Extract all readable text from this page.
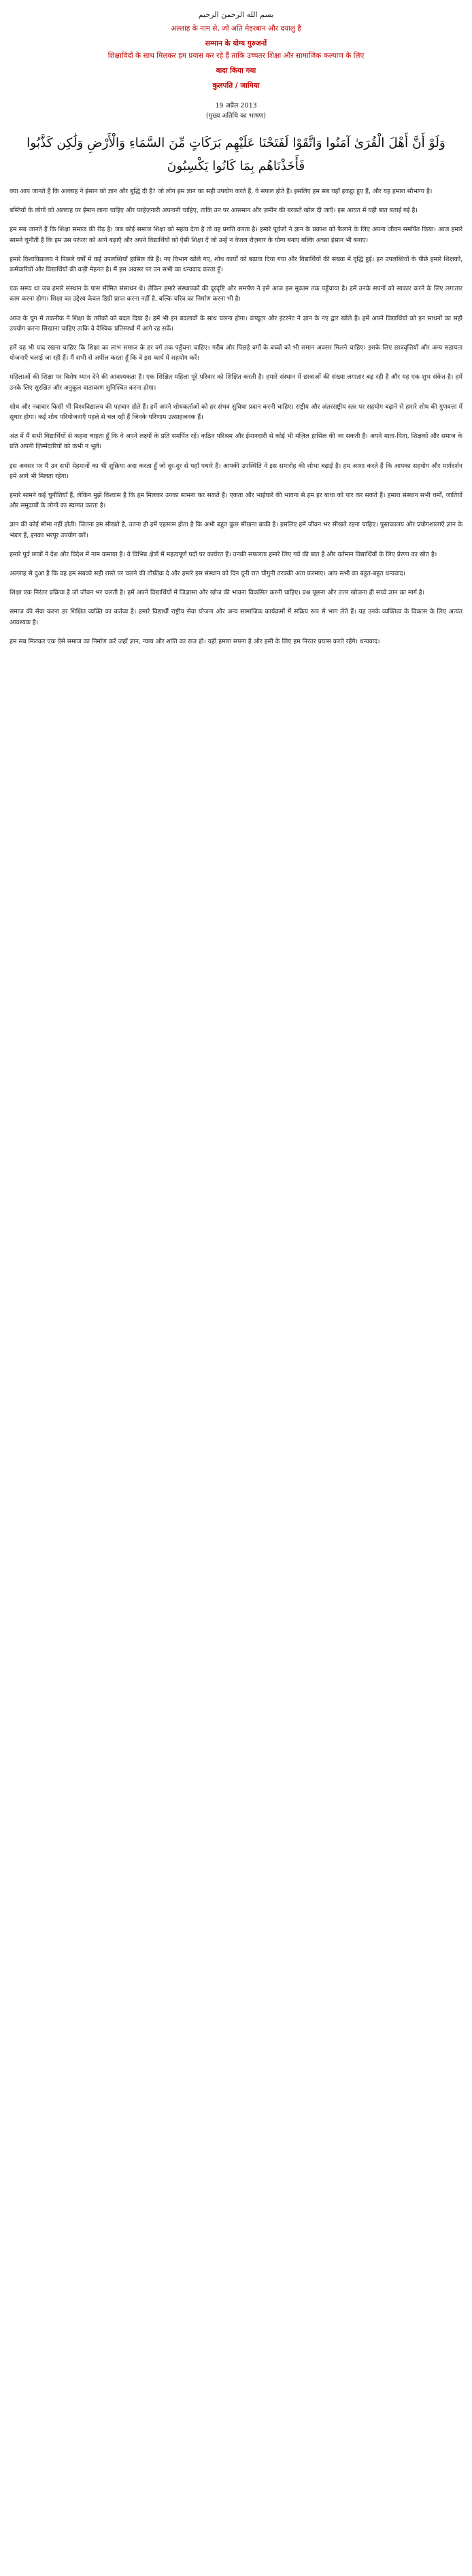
بسم الله الرحمن الرحيم
अल्लाह के नाम से, जो अति मेहरबान और दयालु है
सम्मान के योग्य गुरुजनों
शिक्षाविदों के साथ मिलकर हम प्रयास कर रहे हैं ताकि उच्चतर शिक्षा और सामाजिक कल्याण के लिए
वादा किया गया
कुलपति / जामिया
19 अप्रैल 2013
(मुख्य अतिथि का भाषण)
وَلَوْ أَنَّ أَهْلَ الْقُرَىٰ آمَنُوا وَاتَّقَوْا لَفَتَحْنَا عَلَيْهِم بَرَكَاتٍ مِّنَ السَّمَاءِ وَالْأَرْضِ وَلَٰكِن كَذَّبُوا فَأَخَذْنَاهُم بِمَا كَانُوا يَكْسِبُونَ
क्या आप जानते हैं कि अल्लाह ने इंसान को ज्ञान और बुद्धि दी है? जो लोग इस ज्ञान का सही उपयोग करते हैं, वे सफल होते हैं। इसलिए हम सब यहाँ इकट्ठा हुए हैं, और यह हमारा सौभाग्य है।
बस्तियों के लोगों को अल्लाह पर ईमान लाना चाहिए और परहेज़गारी अपनानी चाहिए, ताकि उन पर आसमान और ज़मीन की बरकतें खोल दी जाएँ। इस आयत में यही बात बताई गई है।
हम सब जानते हैं कि शिक्षा समाज की रीढ़ है। जब कोई समाज शिक्षा को महत्व देता है तो वह प्रगति करता है। हमारे पूर्वजों ने ज्ञान के प्रकाश को फैलाने के लिए अपना जीवन समर्पित किया। आज हमारे सामने चुनौती है कि हम उस परंपरा को आगे बढ़ाएँ और अपने विद्यार्थियों को ऐसी शिक्षा दें जो उन्हें न केवल रोज़गार के योग्य बनाए बल्कि अच्छा इंसान भी बनाए।
हमारे विश्वविद्यालय ने पिछले वर्षों में कई उपलब्धियाँ हासिल की हैं। नए विभाग खोले गए, शोध कार्यों को बढ़ावा दिया गया और विद्यार्थियों की संख्या में वृद्धि हुई। इन उपलब्धियों के पीछे हमारे शिक्षकों, कर्मचारियों और विद्यार्थियों की कड़ी मेहनत है। मैं इस अवसर पर उन सभी का धन्यवाद करता हूँ।
एक समय था जब हमारे संस्थान के पास सीमित संसाधन थे। लेकिन हमारे संस्थापकों की दूरदृष्टि और समर्पण ने इसे आज इस मुकाम तक पहुँचाया है। हमें उनके सपनों को साकार करने के लिए लगातार काम करना होगा। शिक्षा का उद्देश्य केवल डिग्री प्राप्त करना नहीं है, बल्कि चरित्र का निर्माण करना भी है।
आज के युग में तकनीक ने शिक्षा के तरीकों को बदल दिया है। हमें भी इन बदलावों के साथ चलना होगा। कंप्यूटर और इंटरनेट ने ज्ञान के नए द्वार खोले हैं। हमें अपने विद्यार्थियों को इन साधनों का सही उपयोग करना सिखाना चाहिए ताकि वे वैश्विक प्रतिस्पर्धा में आगे रह सकें।
हमें यह भी याद रखना चाहिए कि शिक्षा का लाभ समाज के हर वर्ग तक पहुँचना चाहिए। गरीब और पिछड़े वर्गों के बच्चों को भी समान अवसर मिलने चाहिए। इसके लिए छात्रवृत्तियाँ और अन्य सहायता योजनाएँ चलाई जा रही हैं। मैं सभी से अपील करता हूँ कि वे इस कार्य में सहयोग करें।
महिलाओं की शिक्षा पर विशेष ध्यान देने की आवश्यकता है। एक शिक्षित महिला पूरे परिवार को शिक्षित करती है। हमारे संस्थान में छात्राओं की संख्या लगातार बढ़ रही है और यह एक शुभ संकेत है। हमें उनके लिए सुरक्षित और अनुकूल वातावरण सुनिश्चित करना होगा।
शोध और नवाचार किसी भी विश्वविद्यालय की पहचान होते हैं। हमें अपने शोधकर्ताओं को हर संभव सुविधा प्रदान करनी चाहिए। राष्ट्रीय और अंतरराष्ट्रीय स्तर पर सहयोग बढ़ाने से हमारे शोध की गुणवत्ता में सुधार होगा। कई शोध परियोजनाएँ पहले से चल रही हैं जिनके परिणाम उत्साहजनक हैं।
अंत में मैं सभी विद्यार्थियों से कहना चाहता हूँ कि वे अपने लक्ष्यों के प्रति समर्पित रहें। कठिन परिश्रम और ईमानदारी से कोई भी मंज़िल हासिल की जा सकती है। अपने माता-पिता, शिक्षकों और समाज के प्रति अपनी ज़िम्मेदारियों को कभी न भूलें।
इस अवसर पर मैं उन सभी मेहमानों का भी शुक्रिया अदा करता हूँ जो दूर-दूर से यहाँ पधारे हैं। आपकी उपस्थिति ने इस समारोह की शोभा बढ़ाई है। हम आशा करते हैं कि आपका सहयोग और मार्गदर्शन हमें आगे भी मिलता रहेगा।
हमारे सामने कई चुनौतियाँ हैं, लेकिन मुझे विश्वास है कि हम मिलकर उनका सामना कर सकते हैं। एकता और भाईचारे की भावना से हम हर बाधा को पार कर सकते हैं। हमारा संस्थान सभी धर्मों, जातियों और समुदायों के लोगों का स्वागत करता है।
ज्ञान की कोई सीमा नहीं होती। जितना हम सीखते हैं, उतना ही हमें एहसास होता है कि अभी बहुत कुछ सीखना बाकी है। इसलिए हमें जीवन भर सीखते रहना चाहिए। पुस्तकालय और प्रयोगशालाएँ ज्ञान के भंडार हैं, इनका भरपूर उपयोग करें।
हमारे पूर्व छात्रों ने देश और विदेश में नाम कमाया है। वे विभिन्न क्षेत्रों में महत्वपूर्ण पदों पर कार्यरत हैं। उनकी सफलता हमारे लिए गर्व की बात है और वर्तमान विद्यार्थियों के लिए प्रेरणा का स्रोत है।
अल्लाह से दुआ है कि वह हम सबको सही रास्ते पर चलने की तौफ़ीक़ दे और हमारे इस संस्थान को दिन दूनी रात चौगुनी तरक्की अता फ़रमाए। आप सभी का बहुत-बहुत धन्यवाद।
शिक्षा एक निरंतर प्रक्रिया है जो जीवन भर चलती है। हमें अपने विद्यार्थियों में जिज्ञासा और खोज की भावना विकसित करनी चाहिए। प्रश्न पूछना और उत्तर खोजना ही सच्चे ज्ञान का मार्ग है।
समाज की सेवा करना हर शिक्षित व्यक्ति का कर्तव्य है। हमारे विद्यार्थी राष्ट्रीय सेवा योजना और अन्य सामाजिक कार्यक्रमों में सक्रिय रूप से भाग लेते हैं। यह उनके व्यक्तित्व के विकास के लिए अत्यंत आवश्यक है।
हम सब मिलकर एक ऐसे समाज का निर्माण करें जहाँ ज्ञान, न्याय और शांति का राज हो। यही हमारा सपना है और इसी के लिए हम निरंतर प्रयास करते रहेंगे। धन्यवाद।
